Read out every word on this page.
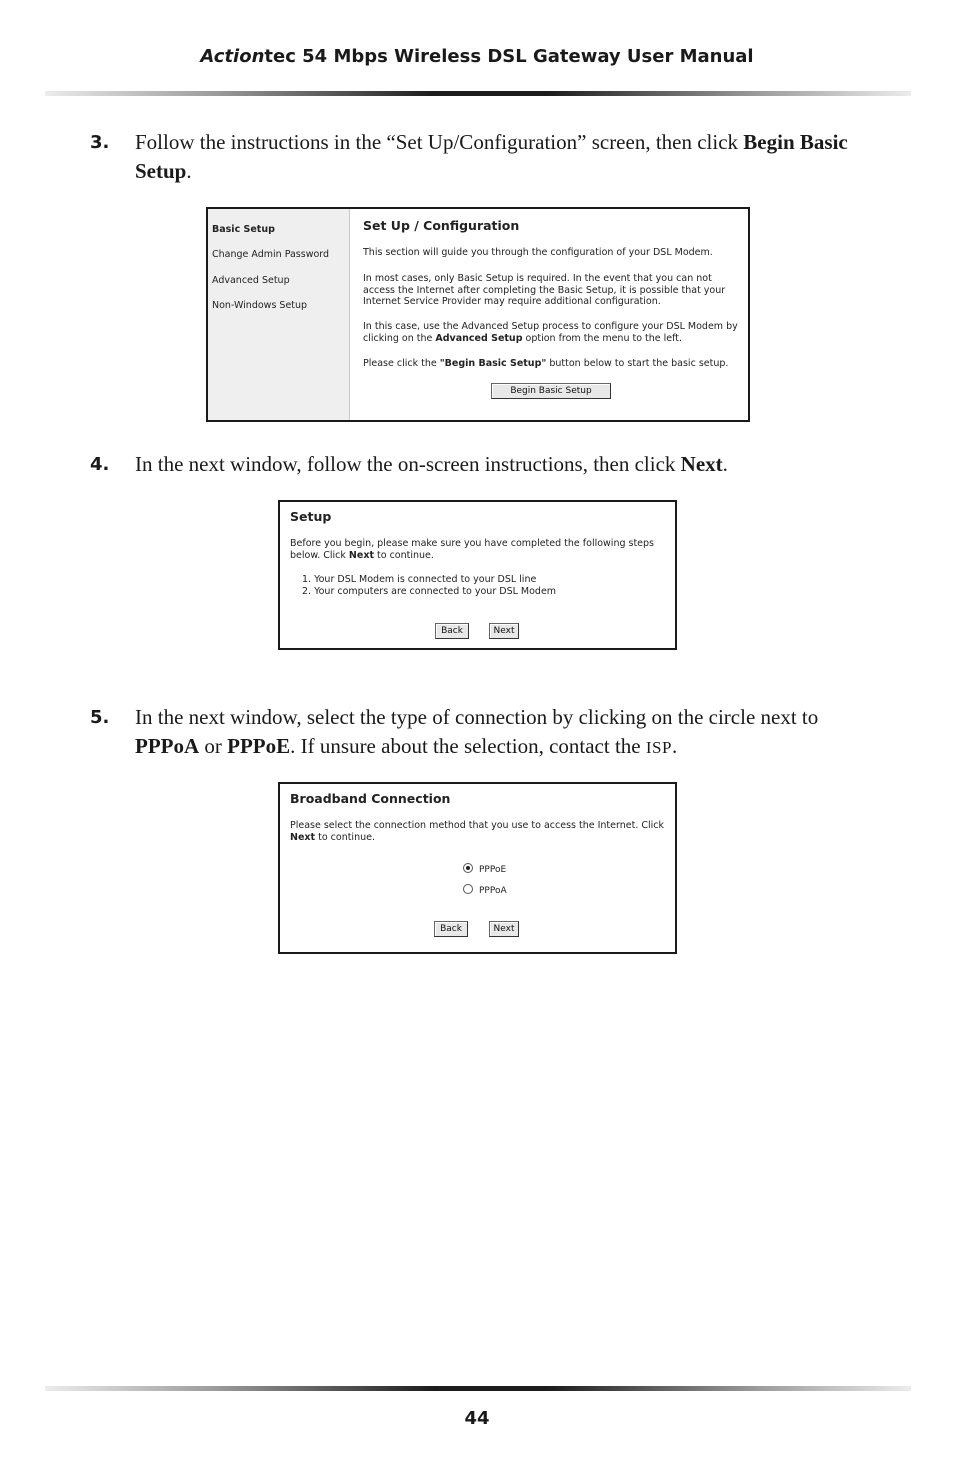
Actiontec 54 Mbps Wireless DSL Gateway User Manual
3. Follow the instructions in the “Set Up/Configuration” screen, then click Begin Basic Setup.
Basic Setup
Change Admin Password
Advanced Setup
Non-Windows Setup
Set Up / Configuration

This section will guide you through the configuration of your DSL Modem.

In most cases, only Basic Setup is required. In the event that you can not access the Internet after completing the Basic Setup, it is possible that your Internet Service Provider may require additional configuration.

In this case, use the Advanced Setup process to configure your DSL Modem by clicking on the Advanced Setup option from the menu to the left.

Please click the "Begin Basic Setup" button below to start the basic setup.

Begin Basic Setup
4. In the next window, follow the on-screen instructions, then click Next.
Setup

Before you begin, please make sure you have completed the following steps below. Click Next to continue.

1. Your DSL Modem is connected to your DSL line

2. Your computers are connected to your DSL Modem

Back	Next
5. In the next window, select the type of connection by clicking on the circle next to PPPoA or PPPoE. If unsure about the selection, contact the ISP.
Broadband Connection

Please select the connection method that you use to access the Internet. Click Next to continue.

PPPoE
PPPoA
Back	Next
44
